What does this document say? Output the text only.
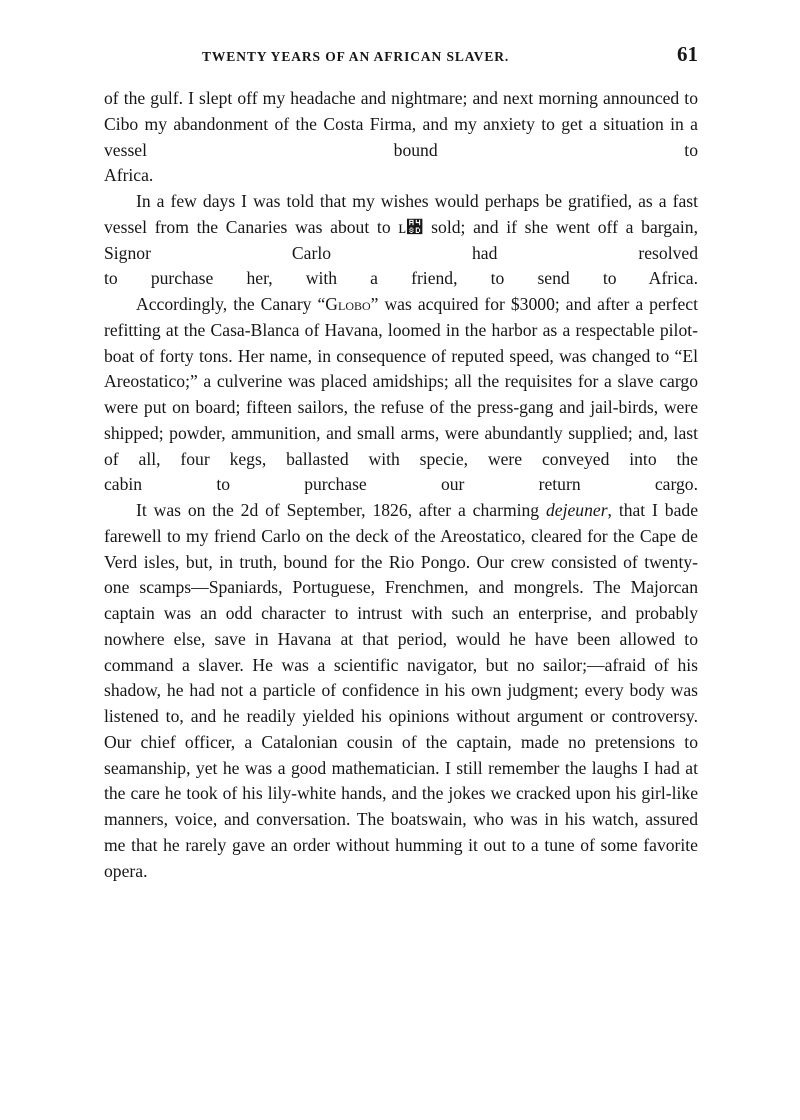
TWENTY YEARS OF AN AFRICAN SLAVER.	61

of the gulf. I slept off my headache and nightmare; and next morning announced to Cibo my abandonment of the Costa Firma, and my anxiety to get a situation in a vessel bound to
Africa.

In a few days I was told that my wishes would perhaps be gratified, as a fast vessel from the Canaries was about to ʟ꒍ sold; and if she went off a bargain, Signor Carlo had resolved
to purchase her, with a friend, to send to Africa.

Accordingly, the Canary “Globo” was acquired for $3000; and after a perfect refitting at the Casa-Blanca of Havana, loomed in the harbor as a respectable pilot-boat of forty tons. Her name, in consequence of reputed speed, was changed to “El Areostatico;” a culverine was placed amidships; all the requisites for a slave cargo were put on board; fifteen sailors, the refuse of the press-gang and jail-birds, were shipped; powder, ammunition, and small arms, were abundantly supplied; and, last of all, four kegs, ballasted with specie, were conveyed into the
cabin to purchase our return cargo.

It was on the 2d of September, 1826, after a charming dejeuner, that I bade farewell to my friend Carlo on the deck of the Areostatico, cleared for the Cape de Verd isles, but, in truth, bound for the Rio Pongo. Our crew consisted of twenty-one scamps—Spaniards, Portuguese, Frenchmen, and mongrels. The Majorcan captain was an odd character to intrust with such an enterprise, and probably nowhere else, save in Havana at that period, would he have been allowed to command a slaver. He was a scientific navigator, but no sailor;—afraid of his shadow, he had not a particle of confidence in his own judgment; every body was listened to, and he readily yielded his opinions without argument or controversy. Our chief officer, a Catalonian cousin of the captain, made no pretensions to seamanship, yet he was a good mathematician. I still remember the laughs I had at the care he took of his lily-white hands, and the jokes we cracked upon his girl-like manners, voice, and conversation. The boatswain, who was in his watch, assured me that he rarely gave an order without humming it out to a tune of some favorite
opera.
